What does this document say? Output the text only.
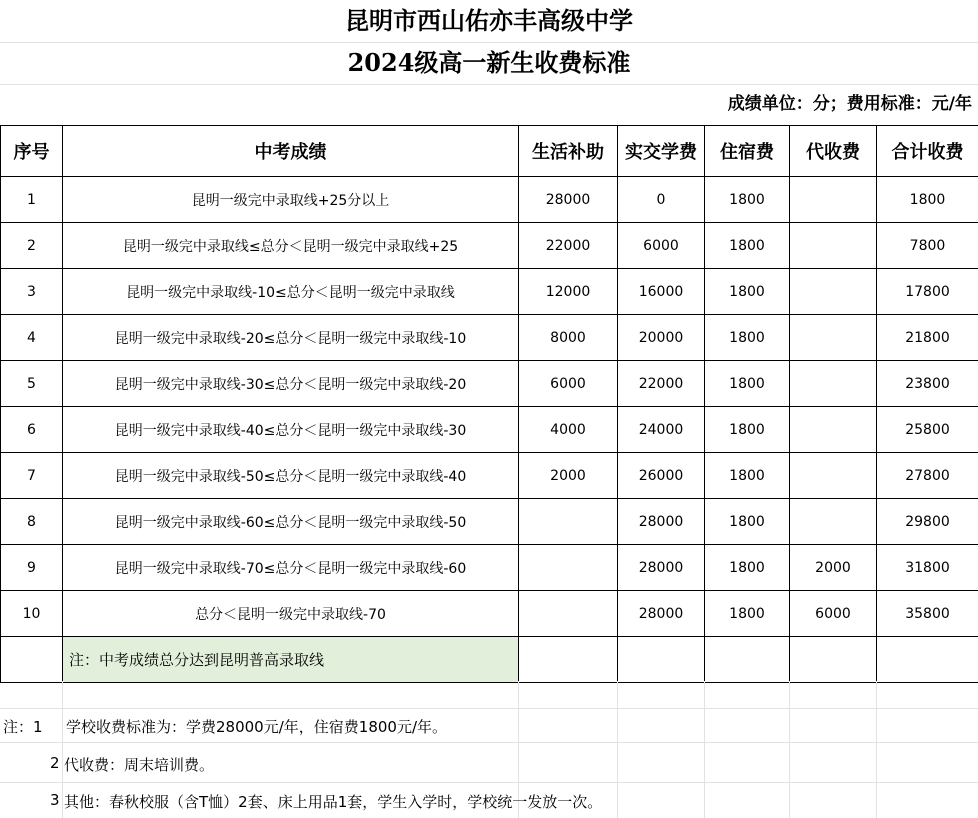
昆明市西山佑亦丰高级中学
2024级高一新生收费标准
成绩单位：分；费用标准：元/年
序号	中考成绩	生活补助	实交学费	住宿费	代收费	合计收费
1	昆明一级完中录取线+25分以上	28000	0	1800		1800
2	昆明一级完中录取线≤总分＜昆明一级完中录取线+25	22000	6000	1800		7800
3	昆明一级完中录取线-10≤总分＜昆明一级完中录取线	12000	16000	1800		17800
4	昆明一级完中录取线-20≤总分＜昆明一级完中录取线-10	8000	20000	1800		21800
5	昆明一级完中录取线-30≤总分＜昆明一级完中录取线-20	6000	22000	1800		23800
6	昆明一级完中录取线-40≤总分＜昆明一级完中录取线-30	4000	24000	1800		25800
7	昆明一级完中录取线-50≤总分＜昆明一级完中录取线-40	2000	26000	1800		27800
8	昆明一级完中录取线-60≤总分＜昆明一级完中录取线-50		28000	1800		29800
9	昆明一级完中录取线-70≤总分＜昆明一级完中录取线-60		28000	1800	2000	31800
10	总分＜昆明一级完中录取线-70		28000	1800	6000	35800
	注：中考成绩总分达到昆明普高录取线					
注：1 学校收费标准为：学费28000元/年，住宿费1800元/年。
2 代收费：周末培训费。
3 其他：春秋校服（含T恤）2套、床上用品1套，学生入学时，学校统一发放一次。
